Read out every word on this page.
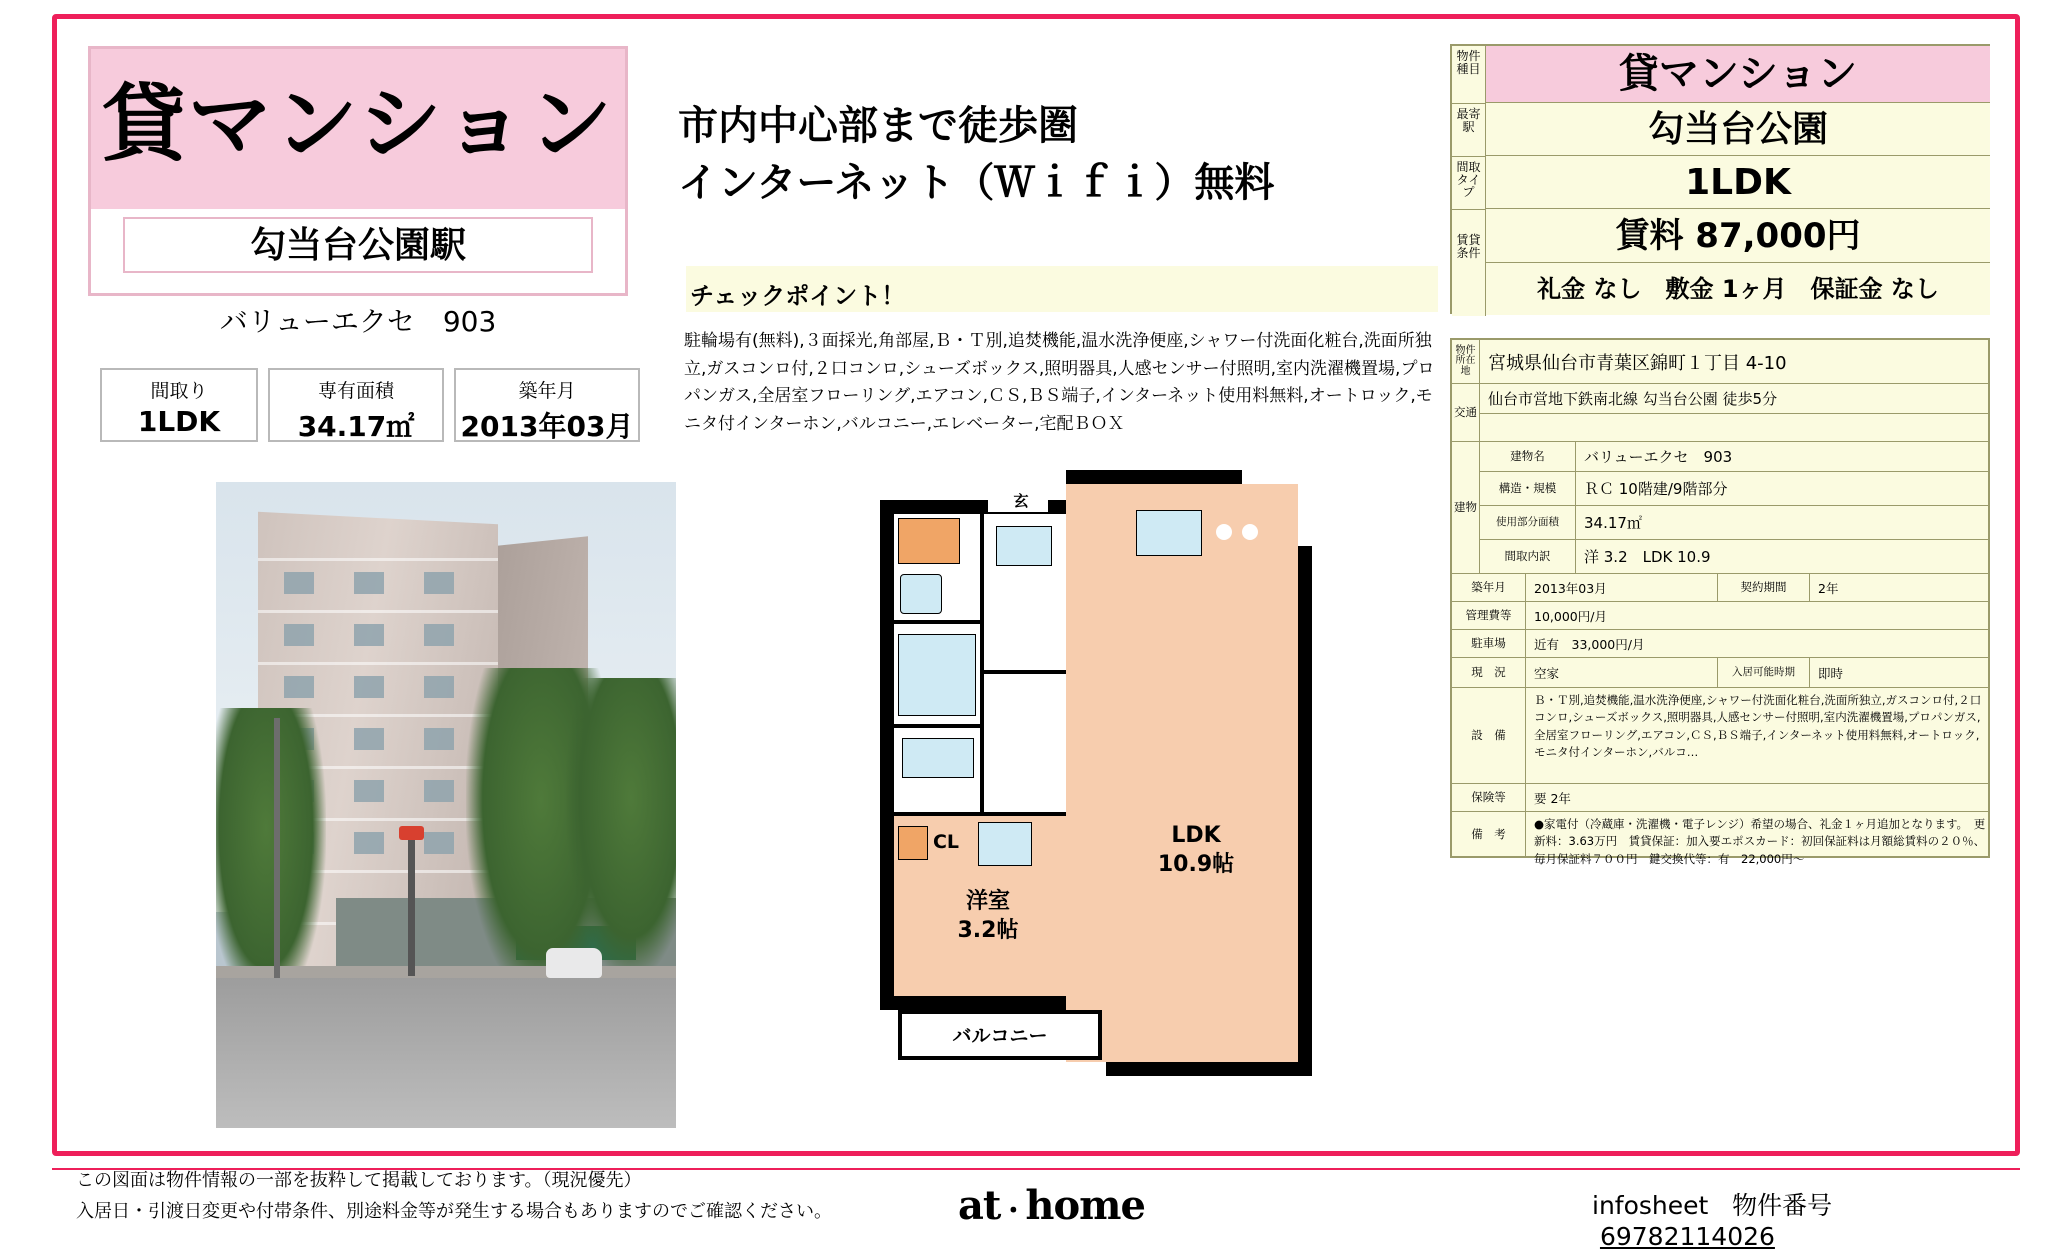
貸マンション
勾当台公園駅
バリューエクセ　903
間取り
1LDK
専有面積
34.17㎡
築年月
2013年03月
市内中心部まで徒歩圏
インターネット（Ｗｉｆｉ）無料
チェックポイント！
駐輪場有(無料),３面採光,角部屋,Ｂ・Ｔ別,追焚機能,温水洗浄便座,シャワー付洗面化粧台,洗面所独立,ガスコンロ付,２口コンロ,シューズボックス,照明器具,人感センサー付照明,室内洗濯機置場,プロパンガス,全居室フローリング,エアコン,ＣＳ,ＢＳ端子,インターネット使用料無料,オートロック,モニタ付インターホン,バルコニー,エレベーター,宅配ＢＯＸ
玄
CL	LDK
10.9帖
洋室
3.2帖
バルコニー
物件種目	貸マンション
最寄駅	勾当台公園
間取タイプ	1LDK
賃貸条件	賃料 87,000円
礼金 なし　敷金 1ヶ月　保証金 なし
物件所在地 宮城県仙台市青葉区錦町１丁目 4-10
交通
仙台市営地下鉄南北線 勾当台公園 徒歩5分
建物
建物名	バリューエクセ　903
構造・規模	ＲＣ 10階建/9階部分
使用部分面積	34.17㎡
間取内訳	洋 3.2　LDK 10.9
築年月	2013年03月	契約期間	2年
管理費等	10,000円/月
駐車場	近有　33,000円/月
現　況	空家	入居可能時期	即時
設　備
Ｂ・Ｔ別,追焚機能,温水洗浄便座,シャワー付洗面化粧台,洗面所独立,ガスコンロ付,２口コンロ,シューズボックス,照明器具,人感センサー付照明,室内洗濯機置場,プロパンガス,全居室フローリング,エアコン,ＣＳ,ＢＳ端子,インターネット使用料無料,オートロック,モニタ付インターホン,バルコ…
保険等	要 2年
備　考
●家電付（冷蔵庫・洗濯機・電子レンジ）希望の場合、礼金１ヶ月追加となります。　更新料：3.63万円　賃貸保証：加入要エポスカード：初回保証料は月額総賃料の２０％、毎月保証料７００円　鍵交換代等：有　22,000円～
この図面は物件情報の一部を抜粋して掲載しております。（現況優先）
入居日・引渡日変更や付帯条件、別途料金等が発生する場合もありますのでご確認ください。	at・home	infosheet 物件番号  69782114026
